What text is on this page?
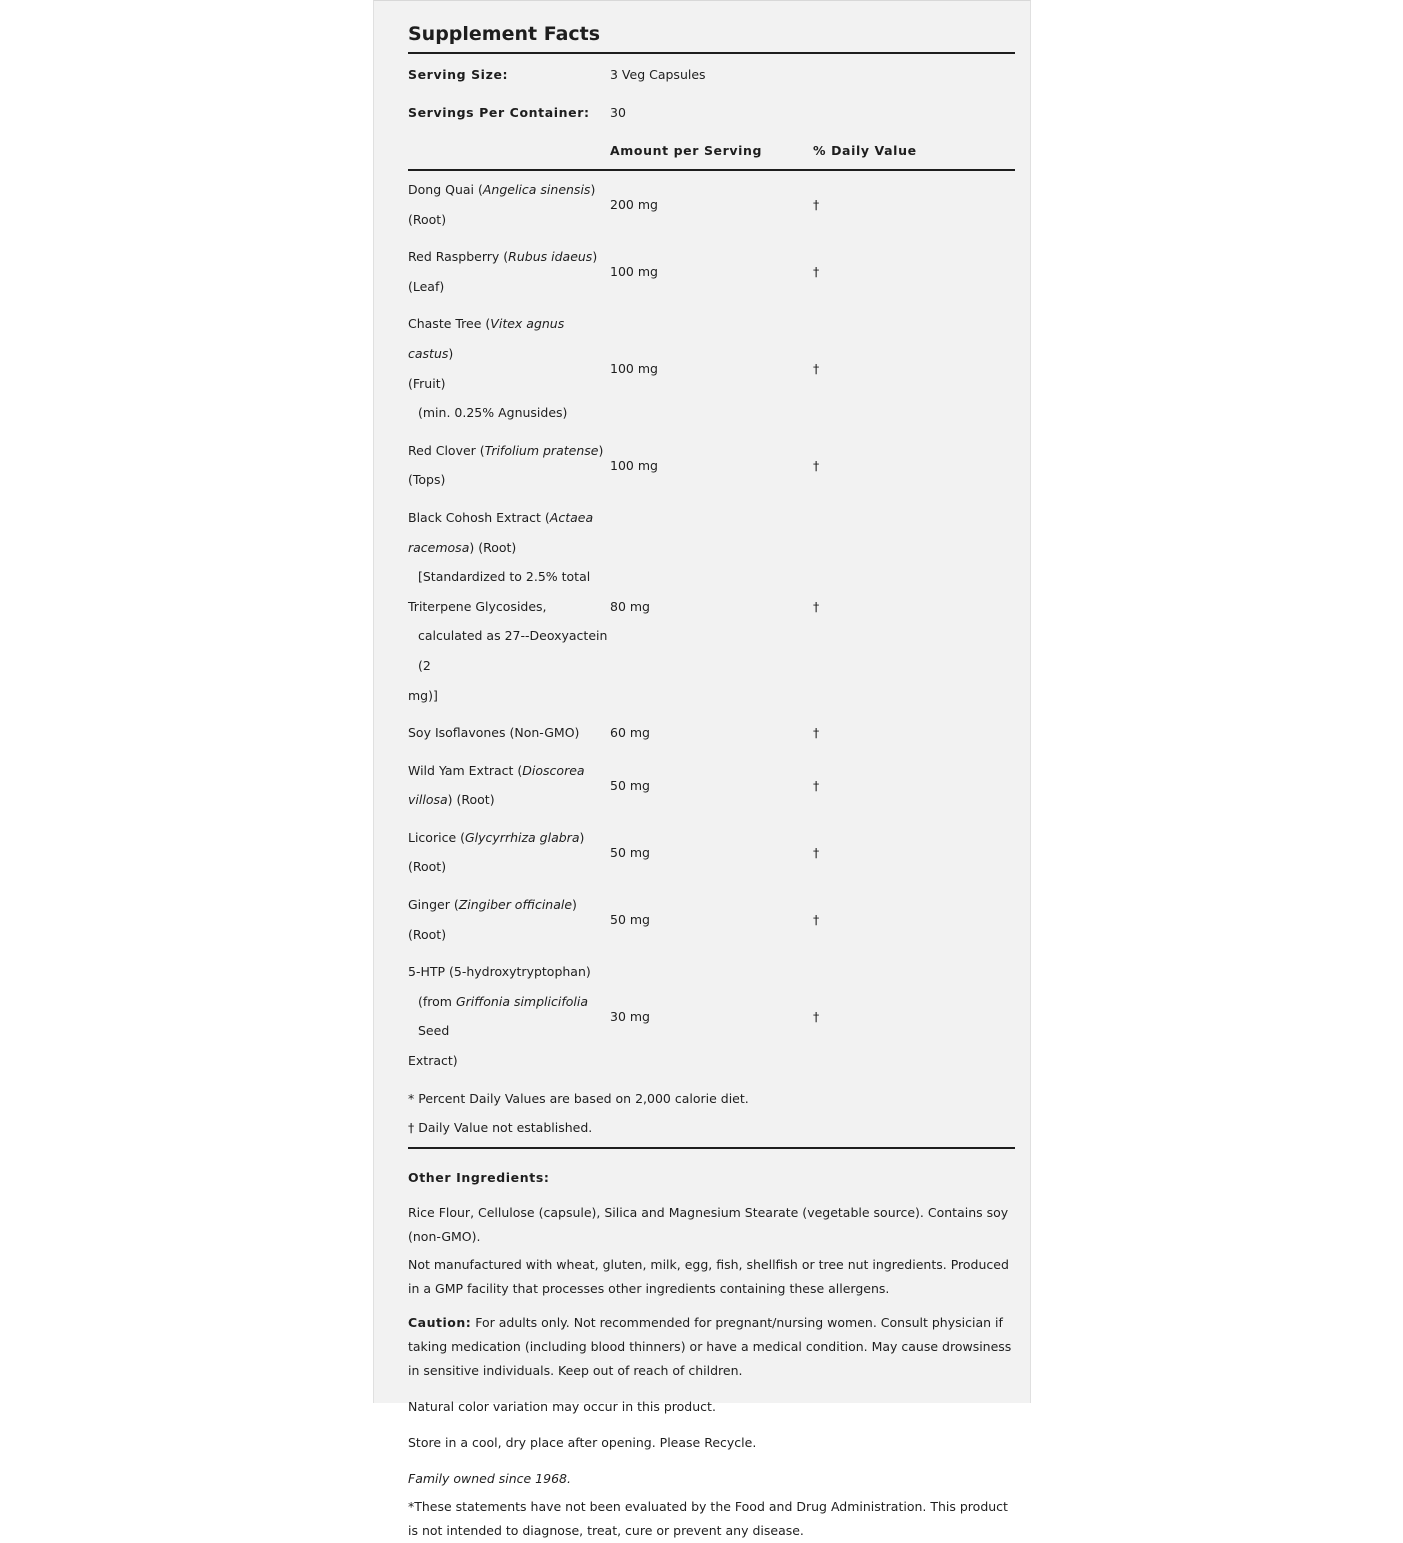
Supplement Facts
Serving Size:	3 Veg Capsules
Servings Per Container:	30
Amount per Serving	% Daily Value
Dong Quai (Angelica sinensis)
(Root)
200 mg	†
Red Raspberry (Rubus idaeus)
(Leaf)
100 mg	†
Chaste Tree (Vitex agnus castus)
(Fruit)
(min. 0.25% Agnusides)
100 mg	†
Red Clover (Trifolium pratense)
(Tops)
100 mg	†
Black Cohosh Extract (Actaea
racemosa) (Root)
[Standardized to 2.5% total
Triterpene Glycosides,
calculated as 27--Deoxyactein (2
mg)]
80 mg	†
Soy Isoflavones (Non-GMO)	60 mg	†
Wild Yam Extract (Dioscorea
villosa) (Root)
50 mg	†
Licorice (Glycyrrhiza glabra) (Root)
50 mg	†
Ginger (Zingiber officinale) (Root)
50 mg	†
5-HTP (5-hydroxytryptophan)
(from Griffonia simplicifolia Seed
Extract)
30 mg	†
* Percent Daily Values are based on 2,000 calorie diet.
† Daily Value not established.
Other Ingredients:
Rice Flour, Cellulose (capsule), Silica and Magnesium Stearate (vegetable source). Contains soy (non-GMO).
Not manufactured with wheat, gluten, milk, egg, fish, shellfish or tree nut ingredients. Produced in a GMP facility that processes other ingredients containing these allergens.
Caution: For adults only. Not recommended for pregnant/nursing women. Consult physician if taking medication (including blood thinners) or have a medical condition. May cause drowsiness in sensitive individuals. Keep out of reach of children.
Natural color variation may occur in this product.
Store in a cool, dry place after opening. Please Recycle.
Family owned since 1968.
*These statements have not been evaluated by the Food and Drug Administration. This product is not intended to diagnose, treat, cure or prevent any disease.
